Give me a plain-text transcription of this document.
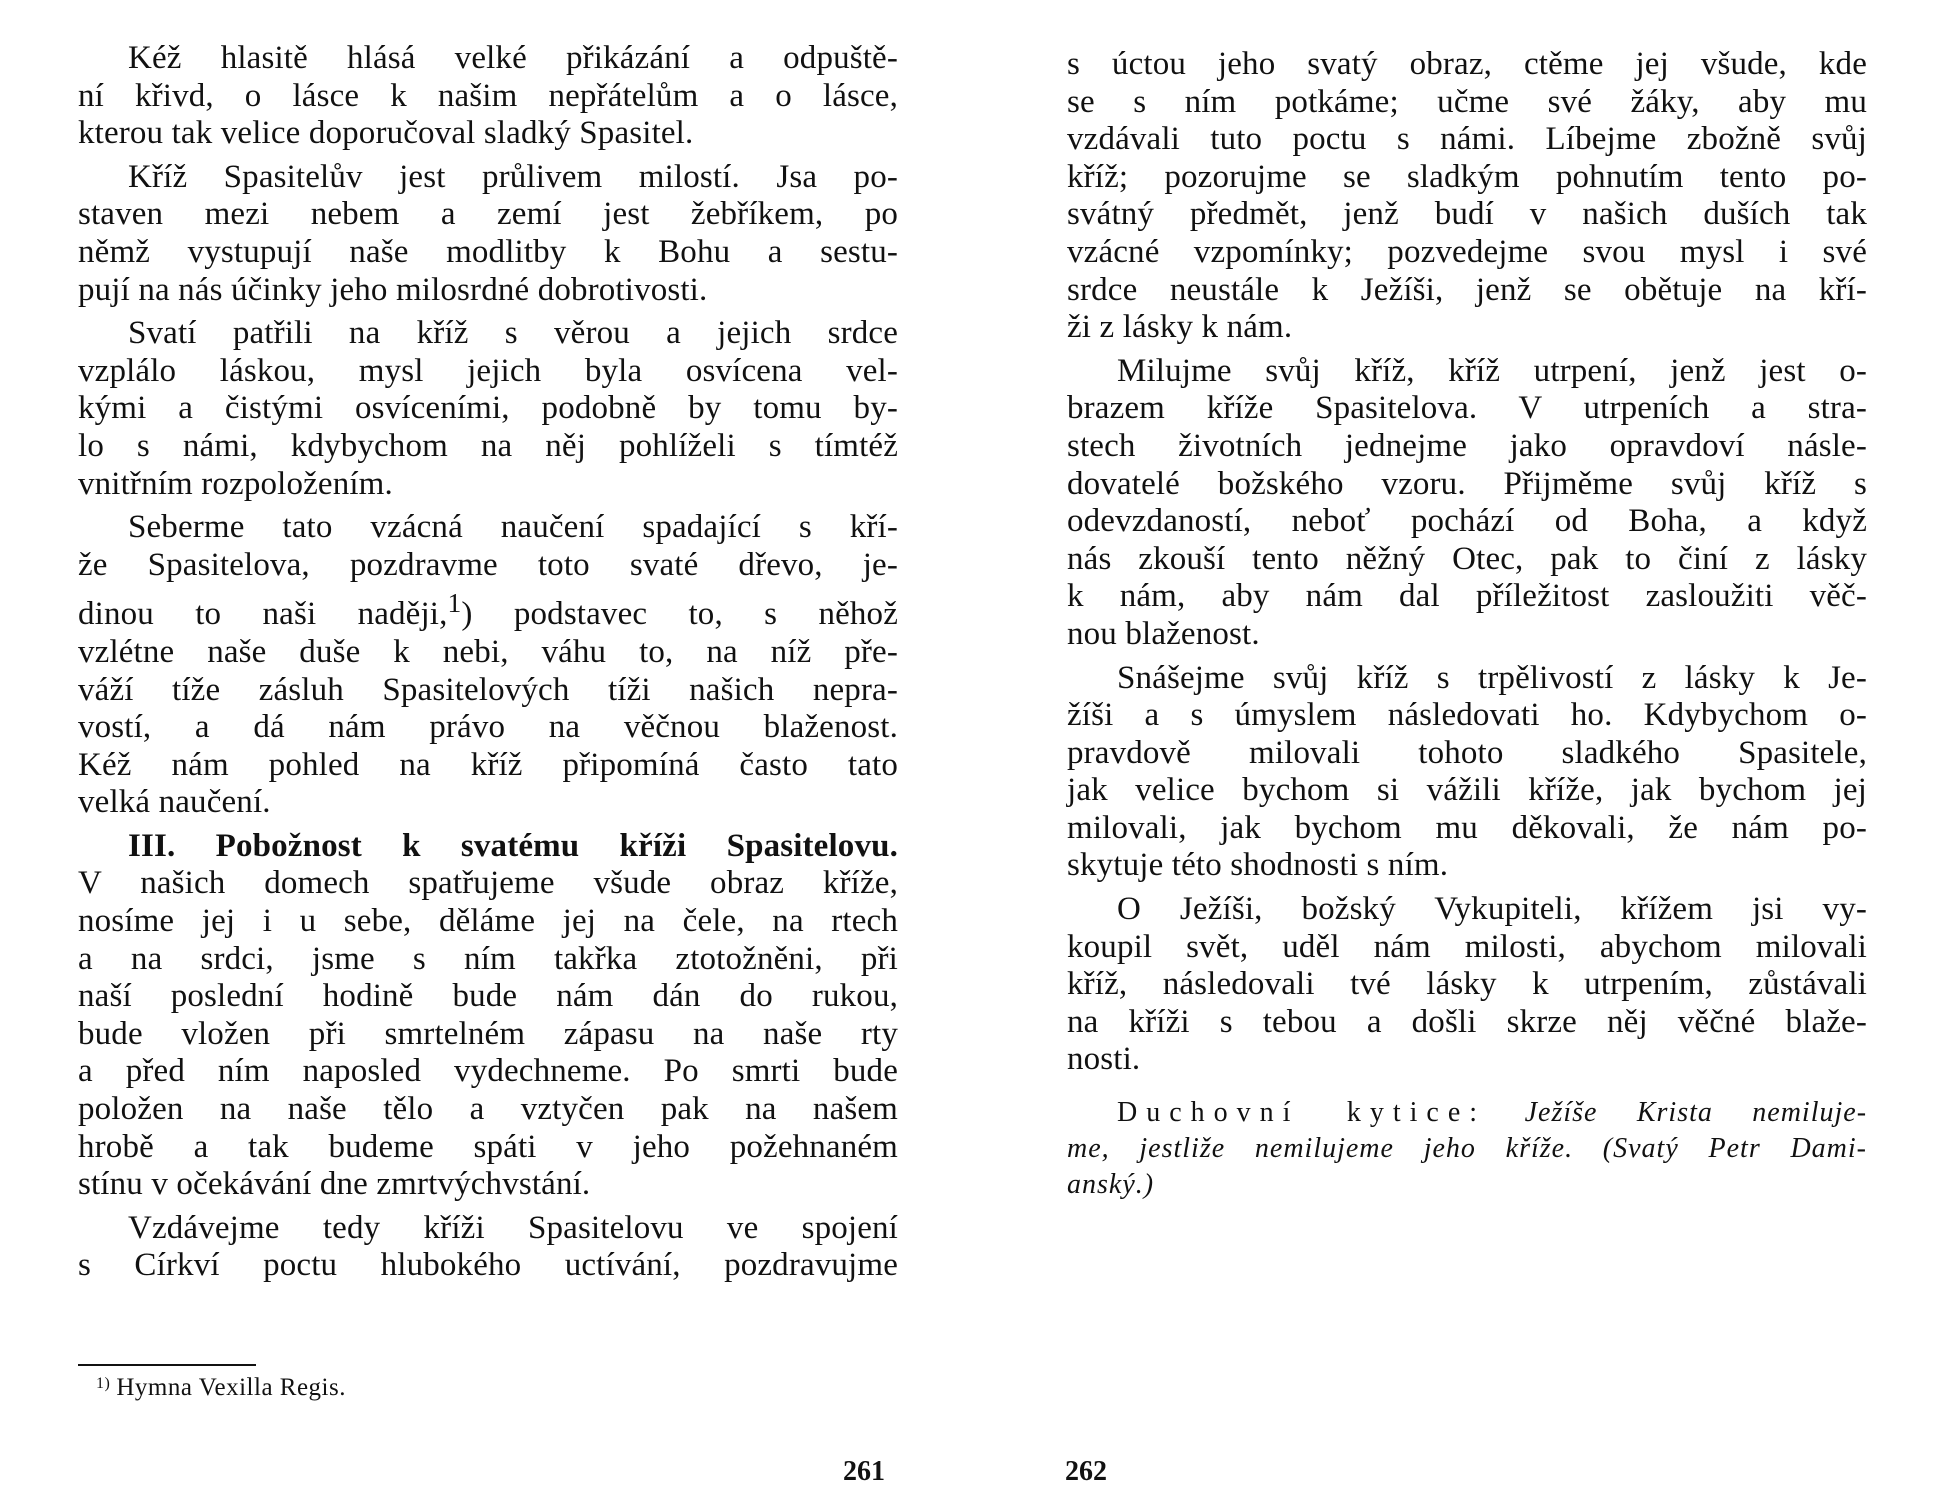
Kéž hlasitě hlásá velké přikázání a odpuště-
ní křivd, o lásce k našim nepřátelům a o lásce,
kterou tak velice doporučoval sladký Spasitel.
Kříž Spasitelův jest průlivem milostí. Jsa po-
staven mezi nebem a zemí jest žebříkem, po
němž vystupují naše modlitby k Bohu a sestu-
pují na nás účinky jeho milosrdné dobrotivosti.
Svatí patřili na kříž s věrou a jejich srdce
vzplálo láskou, mysl jejich byla osvícena vel-
kými a čistými osvíceními, podobně by tomu by-
lo s námi, kdybychom na něj pohlíželi s tímtéž
vnitřním rozpoložením.
Seberme tato vzácná naučení spadající s kří-
že Spasitelova, pozdravme toto svaté dřevo, je-
dinou to naši naději,$^1$) podstavec to, s něhož
vzlétne naše duše k nebi, váhu to, na níž pře-
váží tíže zásluh Spasitelových tíži našich nepra-
vostí, a dá nám právo na věčnou blaženost.
Kéž nám pohled na kříž připomíná často tato
velká naučení.
III. Pobožnost k svatému kříži Spasitelovu.
V našich domech spatřujeme všude obraz kříže,
nosíme jej i u sebe, děláme jej na čele, na rtech
a na srdci, jsme s ním takřka ztotožněni, při
naší poslední hodině bude nám dán do rukou,
bude vložen při smrtelném zápasu na naše rty
a před ním naposled vydechneme. Po smrti bude
položen na naše tělo a vztyčen pak na našem
hrobě a tak budeme spáti v jeho požehnaném
stínu v očekávání dne zmrtvýchvstání.
Vzdávejme tedy kříži Spasitelovu ve spojení
s Církví poctu hlubokého uctívání, pozdravujme
$^{1)}$ Hymna Vexilla Regis.
261
s úctou jeho svatý obraz, ctěme jej všude, kde
se s ním potkáme; učme své žáky, aby mu
vzdávali tuto poctu s námi. Líbejme zbožně svůj
kříž; pozorujme se sladkým pohnutím tento po-
svátný předmět, jenž budí v našich duších tak
vzácné vzpomínky; pozvedejme svou mysl i své
srdce neustále k Ježíši, jenž se obětuje na kří-
ži z lásky k nám.
Milujme svůj kříž, kříž utrpení, jenž jest o-
brazem kříže Spasitelova. V utrpeních a stra-
stech životních jednejme jako opravdoví násle-
dovatelé božského vzoru. Přijměme svůj kříž s
odevzdaností, neboť pochází od Boha, a když
nás zkouší tento něžný Otec, pak to činí z lásky
k nám, aby nám dal příležitost zasloužiti věč-
nou blaženost.
Snášejme svůj kříž s trpělivostí z lásky k Je-
žíši a s úmyslem následovati ho. Kdybychom o-
pravdově milovali tohoto sladkého Spasitele,
jak velice bychom si vážili kříže, jak bychom jej
milovali, jak bychom mu děkovali, že nám po-
skytuje této shodnosti s ním.
O Ježíši, božský Vykupiteli, křížem jsi vy-
koupil svět, uděl nám milosti, abychom milovali
kříž, následovali tvé lásky k utrpením, zůstávali
na kříži s tebou a došli skrze něj věčné blaže-
nosti.
Duchovní kytice: Ježíše Krista nemiluje-
me, jestliže nemilujeme jeho kříže. (Svatý Petr Dami-
anský.)
262
